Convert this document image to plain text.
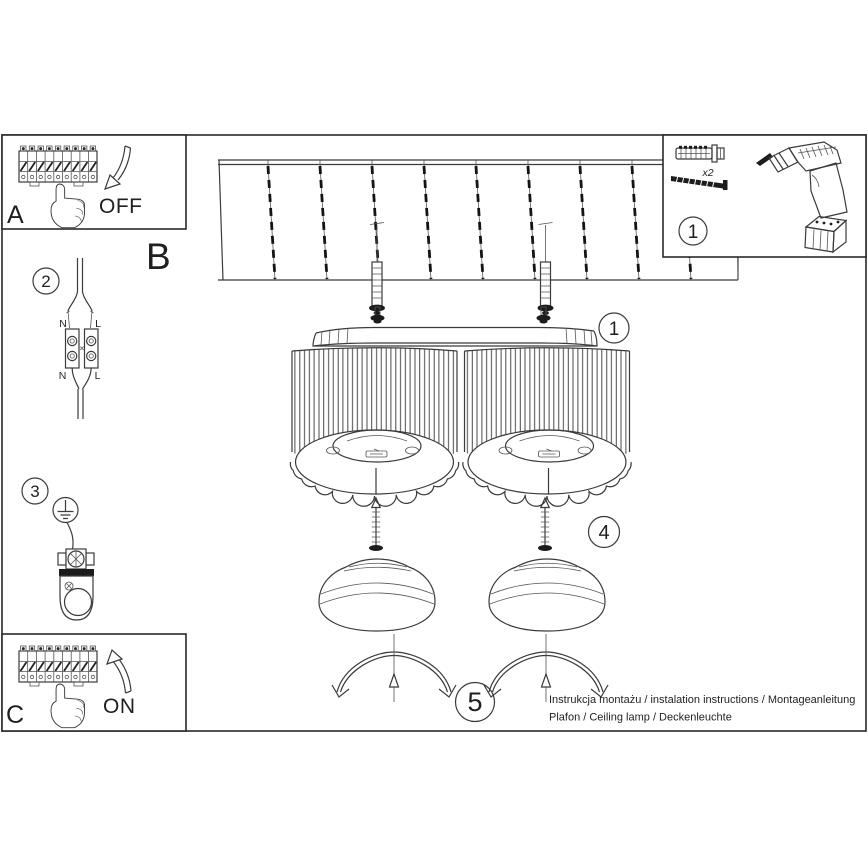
4
5
1
OFF
A
ON
C
x2
1
B
2
N	L
N	L
3
Instrukcja montażu / instalation instructions / Montageanleitung
Plafon / Ceiling lamp / Deckenleuchte
